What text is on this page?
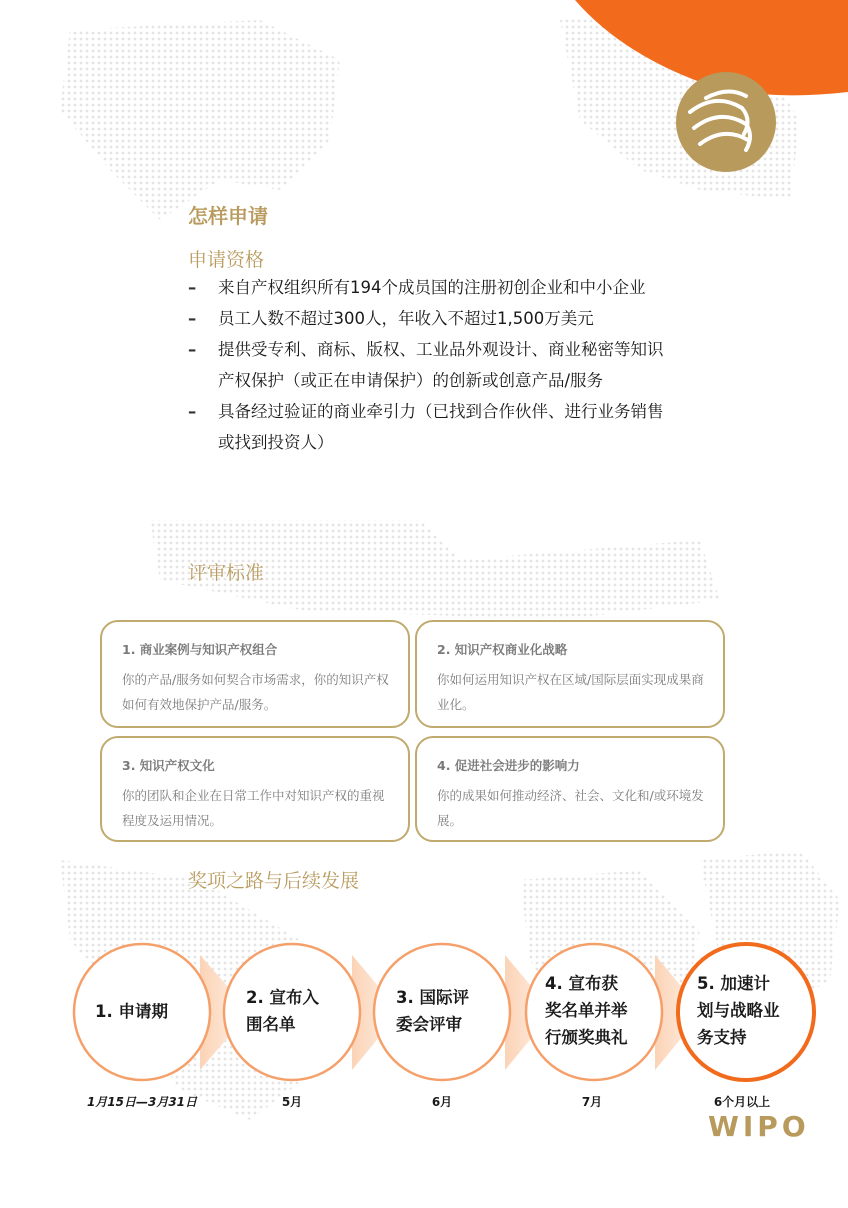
怎样申请
申请资格
– 来自产权组织所有194个成员国的注册初创企业和中小企业
– 员工人数不超过300人，年收入不超过1,500万美元
– 提供受专利、商标、版权、工业品外观设计、商业秘密等知识产权保护（或正在申请保护）的创新或创意产品/服务
– 具备经过验证的商业牵引力（已找到合作伙伴、进行业务销售或找到投资人）
评审标准
1. 商业案例与知识产权组合
你的产品/服务如何契合市场需求，你的知识产权如何有效地保护产品/服务。
2. 知识产权商业化战略
你如何运用知识产权在区域/国际层面实现成果商业化。
3. 知识产权文化
你的团队和企业在日常工作中对知识产权的重视程度及运用情况。
4. 促进社会进步的影响力
你的成果如何推动经济、社会、文化和/或环境发展。
奖项之路与后续发展
1. 申请期
2. 宣布入
围名单
3. 国际评
委会评审
4. 宣布获
奖名单并举
行颁奖典礼
5. 加速计
划与战略业
务支持
1月15日—3月31日	5月	6月	7月	6个月以上
WIPO
